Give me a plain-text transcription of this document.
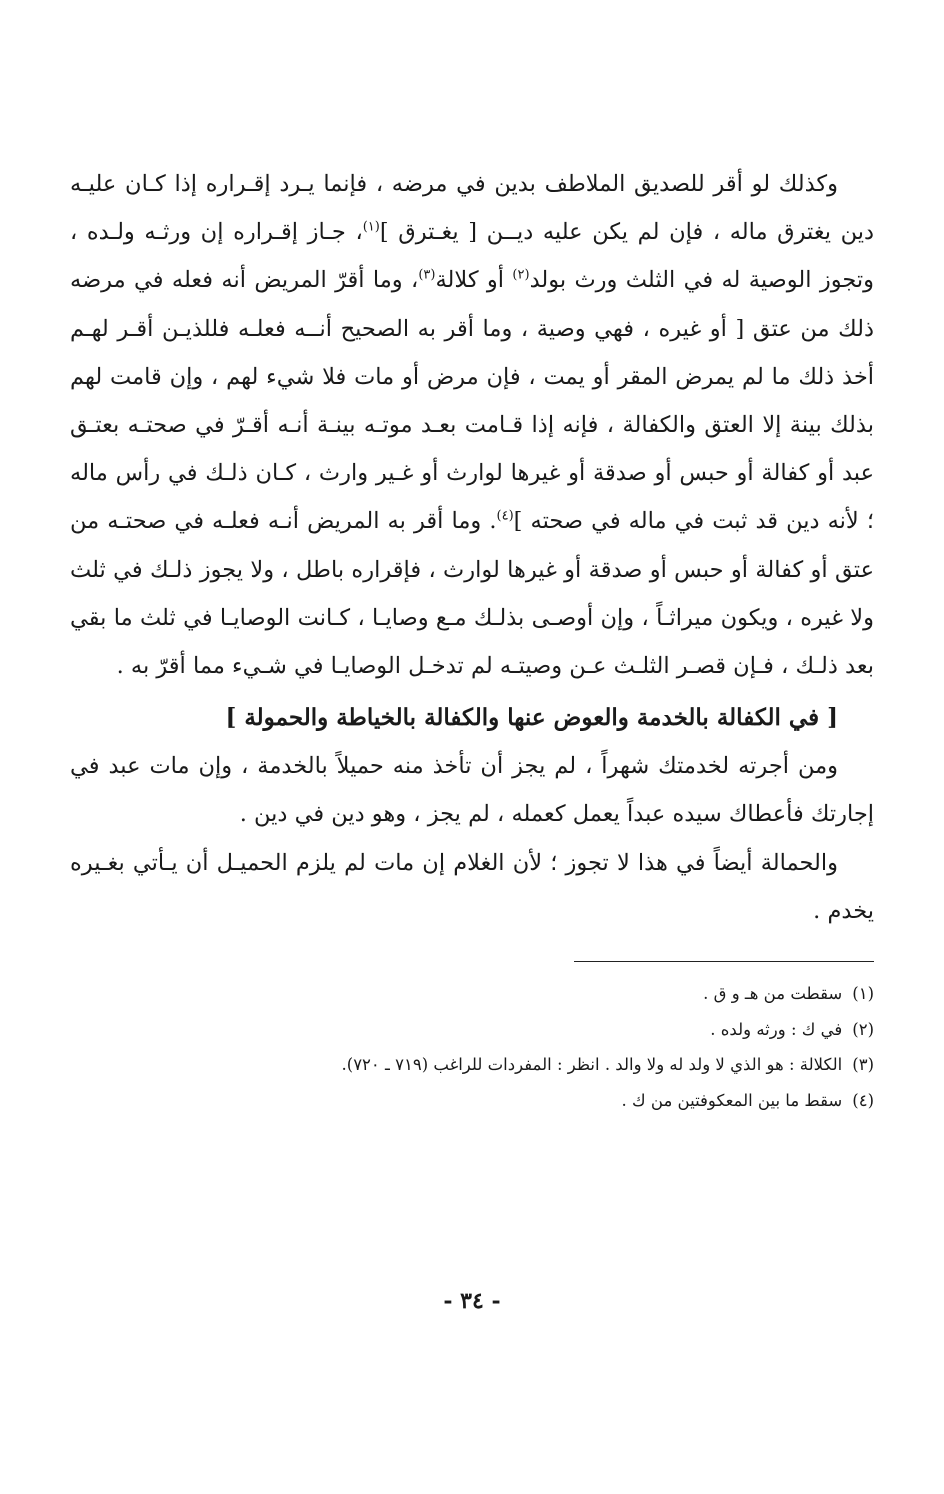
وكذلك لو أقر للصديق الملاطف بدين في مرضه ، فإنما يـرد إقـراره إذا كـان عليـه دين يغترق ماله ، فإن لم يكن عليه ديــن [ يغـترق ]$^{(١)}$، جـاز إقـراره إن ورثـه ولـده ، وتجوز الوصية له في الثلث ورث بولد$^{(٢)}$ أو كلالة$^{(٣)}$، وما أقرّ المريض أنه فعله في مرضه ذلك من عتق [ أو غيره ، فهي وصية ، وما أقر به الصحيح أنــه فعلـه فللذيـن أقـر لهـم أخذ ذلك ما لم يمرض المقر أو يمت ، فإن مرض أو مات فلا شيء لهم ، وإن قامت لهم بذلك بينة إلا العتق والكفالة ، فإنه إذا قـامت بعـد موتـه بينـة أنـه أقـرّ في صحتـه بعتـق عبد أو كفالة أو حبس أو صدقة أو غيرها لوارث أو غـير وارث ، كـان ذلـك في رأس ماله ؛ لأنه دين قد ثبت في ماله في صحته ]$^{(٤)}$. وما أقر به المريض أنـه فعلـه في صحتـه من عتق أو كفالة أو حبس أو صدقة أو غيرها لوارث ، فإقراره باطل ، ولا يجوز ذلـك في ثلث ولا غيره ، ويكون ميراثـاً ، وإن أوصـى بذلـك مـع وصايـا ، كـانت الوصايـا في ثلث ما بقي بعد ذلـك ، فـإن قصـر الثلـث عـن وصيتـه لم تدخـل الوصايـا في شـيء مما أقرّ به .

[ في الكفالة بالخدمة والعوض عنها والكفالة بالخياطة والحمولة ]

ومن أجرته لخدمتك شهراً ، لم يجز أن تأخذ منه حميلاً بالخدمة ، وإن مات عبد في إجارتك فأعطاك سيده عبداً يعمل كعمله ، لم يجز ، وهو دين في دين .

والحمالة أيضاً في هذا لا تجوز ؛ لأن الغلام إن مات لم يلزم الحميـل أن يـأتي بغـيره يخدم .

(١)
سقطت من هـ و ق .
(٢)
في ك : ورثه ولده .
(٣)
الكلالة : هو الذي لا ولد له ولا والد . انظر : المفردات للراغب (٧١٩ ـ ٧٢٠).
(٤)
سقط ما بين المعكوفتين من ك .
- ٣٤ -
